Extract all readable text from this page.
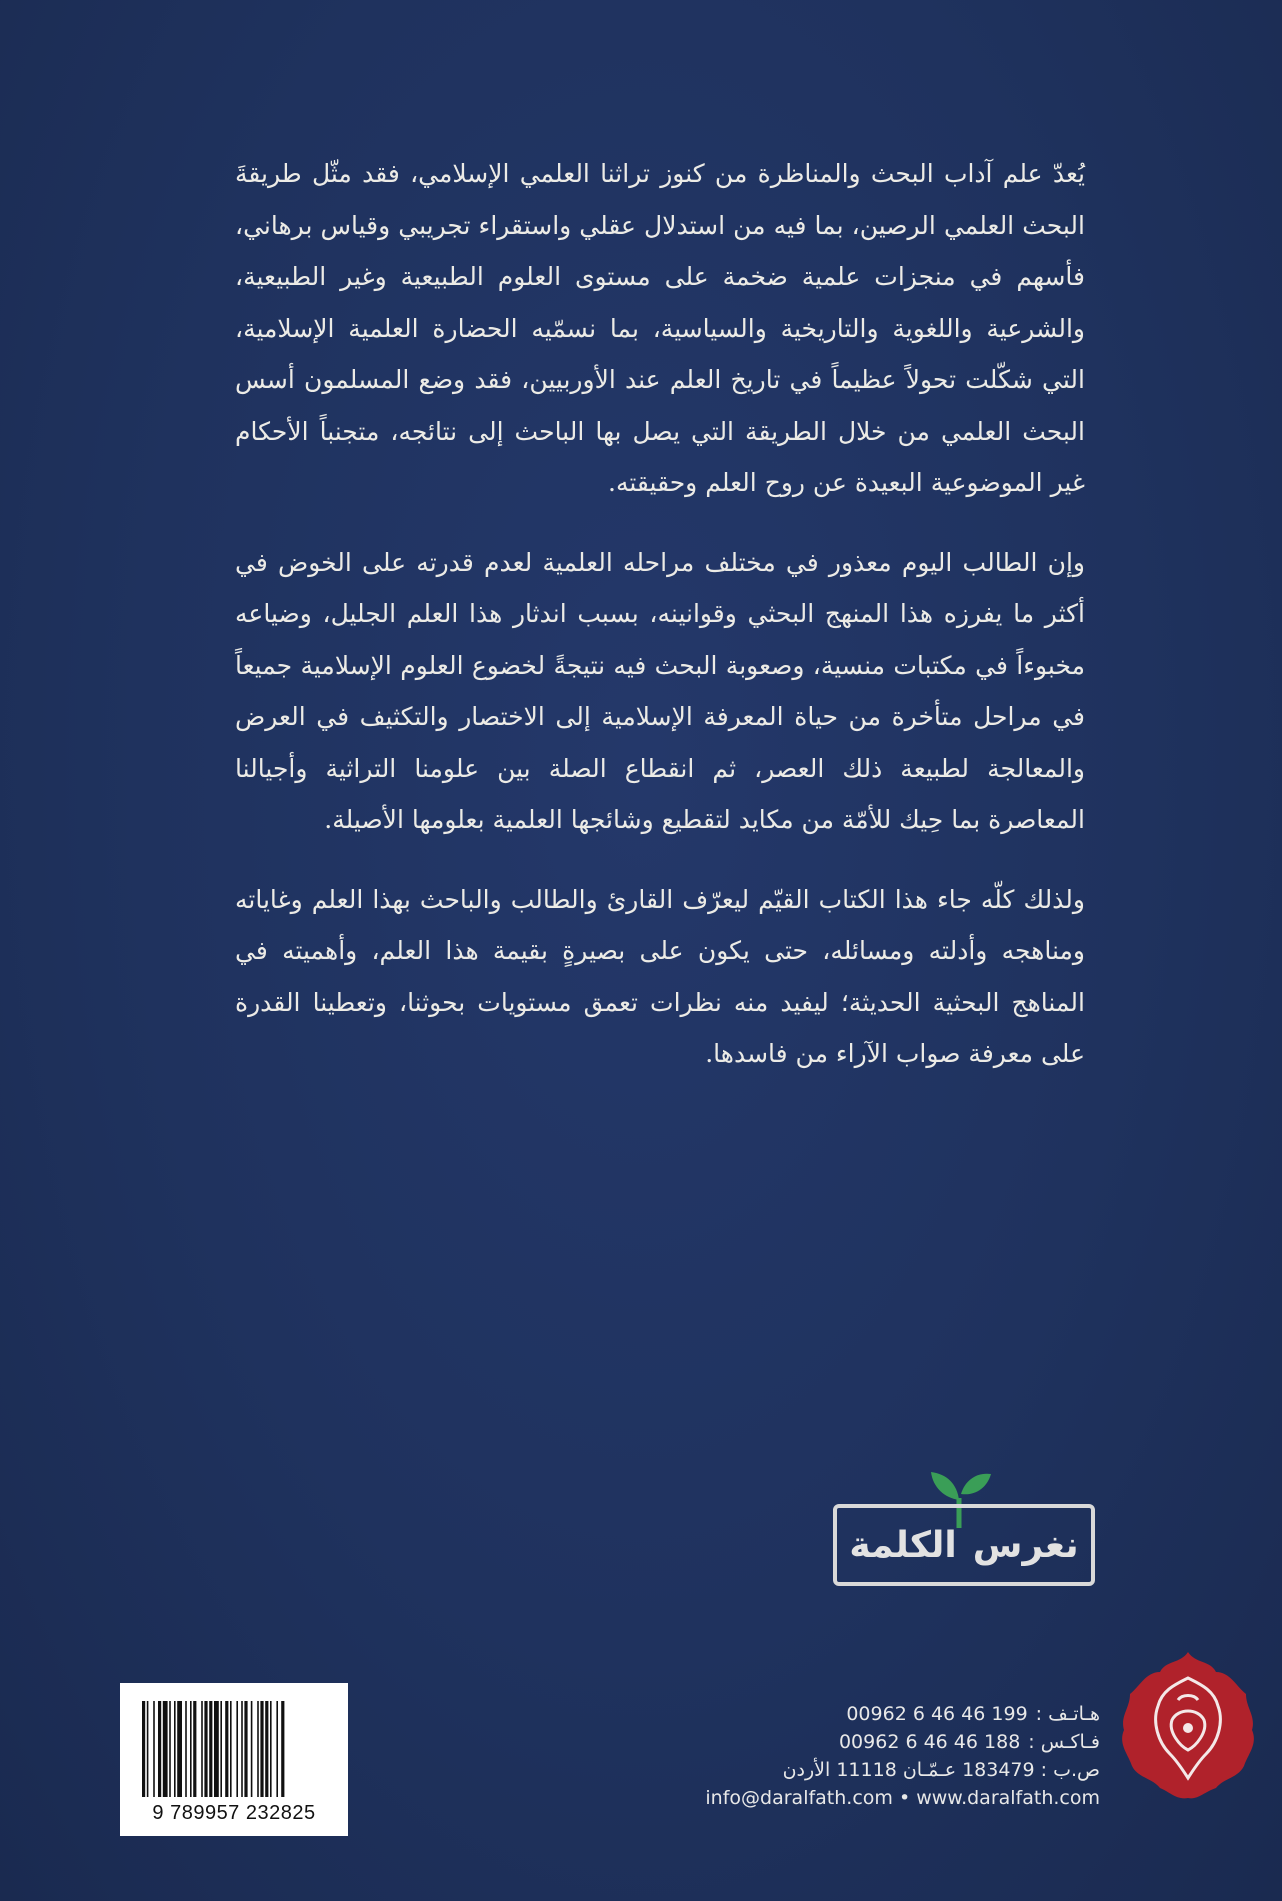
يُعدّ علم آداب البحث والمناظرة من كنوز تراثنا العلمي الإسلامي، فقد مثّل طريقةَ البحث العلمي الرصين، بما فيه من استدلال عقلي واستقراء تجريبي وقياس برهاني، فأسهم في منجزات علمية ضخمة على مستوى العلوم الطبيعية وغير الطبيعية، والشرعية واللغوية والتاريخية والسياسية، بما نسمّيه الحضارة العلمية الإسلامية، التي شكّلت تحولاً عظيماً في تاريخ العلم عند الأوربيين، فقد وضع المسلمون أسس البحث العلمي من خلال الطريقة التي يصل بها الباحث إلى نتائجه، متجنباً الأحكام غير الموضوعية البعيدة عن روح العلم وحقيقته.

وإن الطالب اليوم معذور في مختلف مراحله العلمية لعدم قدرته على الخوض في أكثر ما يفرزه هذا المنهج البحثي وقوانينه، بسبب اندثار هذا العلم الجليل، وضياعه مخبوءاً في مكتبات منسية، وصعوبة البحث فيه نتيجةً لخضوع العلوم الإسلامية جميعاً في مراحل متأخرة من حياة المعرفة الإسلامية إلى الاختصار والتكثيف في العرض والمعالجة لطبيعة ذلك العصر، ثم انقطاع الصلة بين علومنا التراثية وأجيالنا المعاصرة بما حِيك للأمّة من مكايد لتقطيع وشائجها العلمية بعلومها الأصيلة.

ولذلك كلّه جاء هذا الكتاب القيّم ليعرّف القارئ والطالب والباحث بهذا العلم وغاياته ومناهجه وأدلته ومسائله، حتى يكون على بصيرةٍ بقيمة هذا العلم، وأهميته في المناهج البحثية الحديثة؛ ليفيد منه نظرات تعمق مستويات بحوثنا، وتعطينا القدرة على معرفة صواب الآراء من فاسدها.

نغرس
الكلمة
9 789957 232825
00962 6 46 46 199 هـاتـف :
00962 6 46 46 188 فـاكـس :
ص.ب : 183479 عـمّـان 11118 الأردن
info@daralfath.com • www.daralfath.com
